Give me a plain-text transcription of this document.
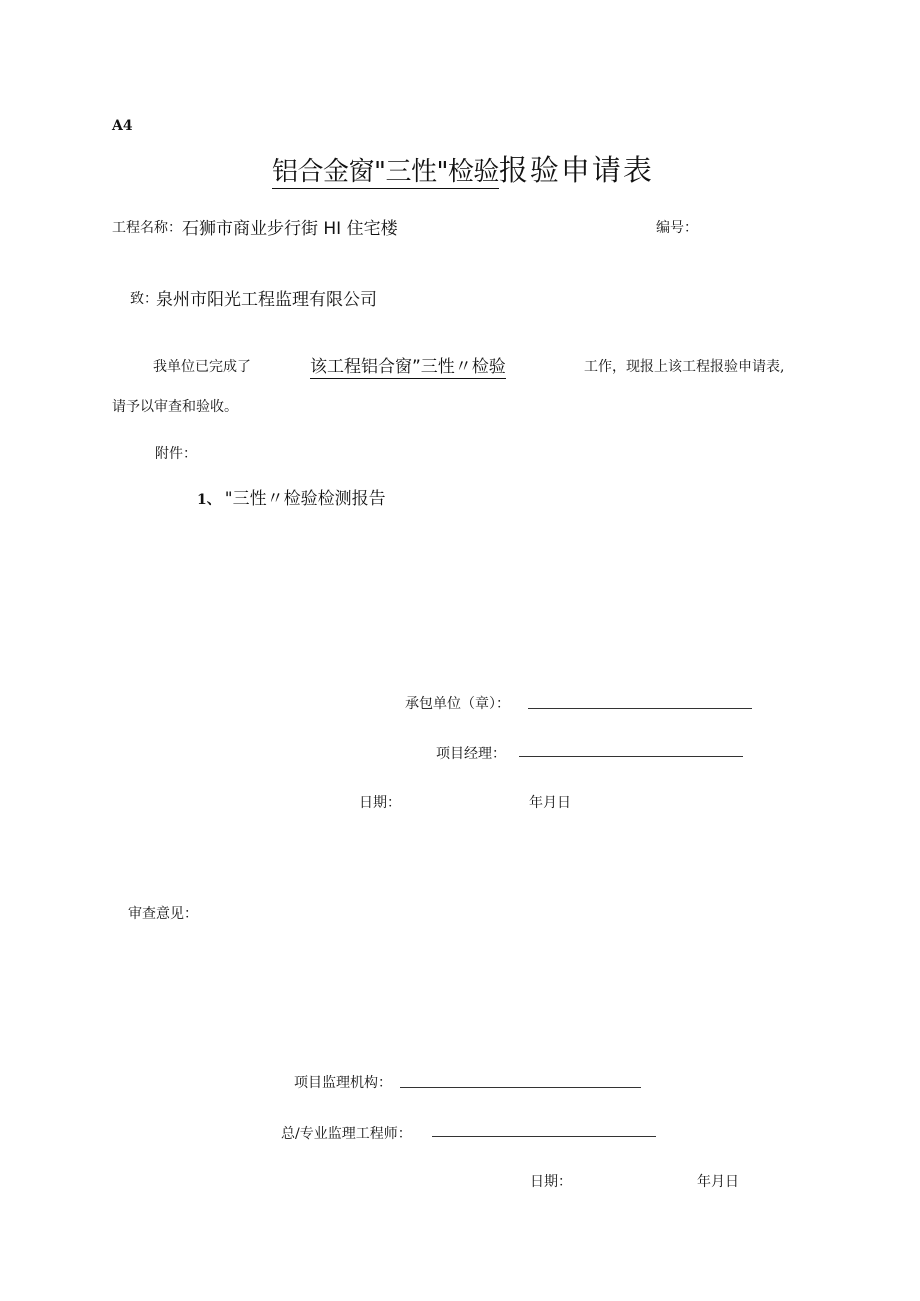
A4
铝合金窗"三性"检验报验申请表
工程名称： 石狮市商业步行街 HI 住宅楼	编号：
致：
泉州市阳光工程监理有限公司
我单位已完成了	该工程铝合窗”三性〃检验	工作，现报上该工程报验申请表,
请予以审查和验收。
附件：
1、 "三性〃检验检测报告
承包单位（章）：
项目经理：
日期：	年月日
审查意见：
项目监理机构：
总/专业监理工程师：
日期：	年月日
